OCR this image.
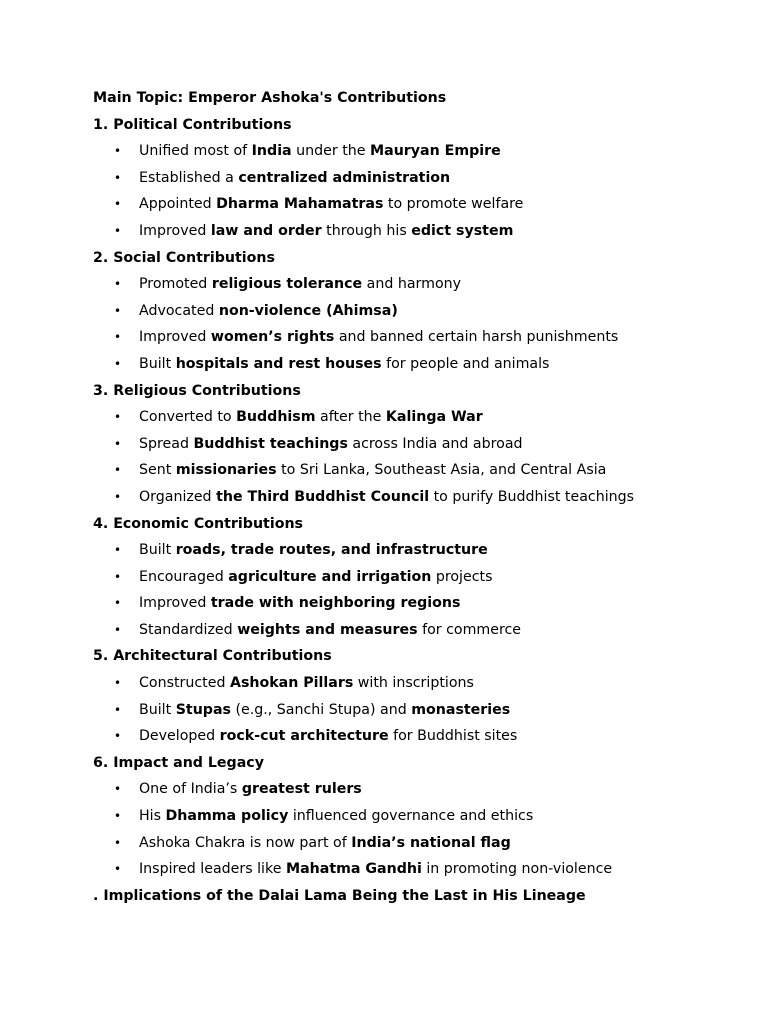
Main Topic: Emperor Ashoka's Contributions
1. Political Contributions
• Unified most of India under the Mauryan Empire
• Established a centralized administration
• Appointed Dharma Mahamatras to promote welfare
• Improved law and order through his edict system
2. Social Contributions
• Promoted religious tolerance and harmony
• Advocated non-violence (Ahimsa)
• Improved women’s rights and banned certain harsh punishments
• Built hospitals and rest houses for people and animals
3. Religious Contributions
• Converted to Buddhism after the Kalinga War
• Spread Buddhist teachings across India and abroad
• Sent missionaries to Sri Lanka, Southeast Asia, and Central Asia
• Organized the Third Buddhist Council to purify Buddhist teachings
4. Economic Contributions
• Built roads, trade routes, and infrastructure
• Encouraged agriculture and irrigation projects
• Improved trade with neighboring regions
• Standardized weights and measures for commerce
5. Architectural Contributions
• Constructed Ashokan Pillars with inscriptions
• Built Stupas (e.g., Sanchi Stupa) and monasteries
• Developed rock-cut architecture for Buddhist sites
6. Impact and Legacy
• One of India’s greatest rulers
• His Dhamma policy influenced governance and ethics
• Ashoka Chakra is now part of India’s national flag
• Inspired leaders like Mahatma Gandhi in promoting non-violence
. Implications of the Dalai Lama Being the Last in His Lineage
